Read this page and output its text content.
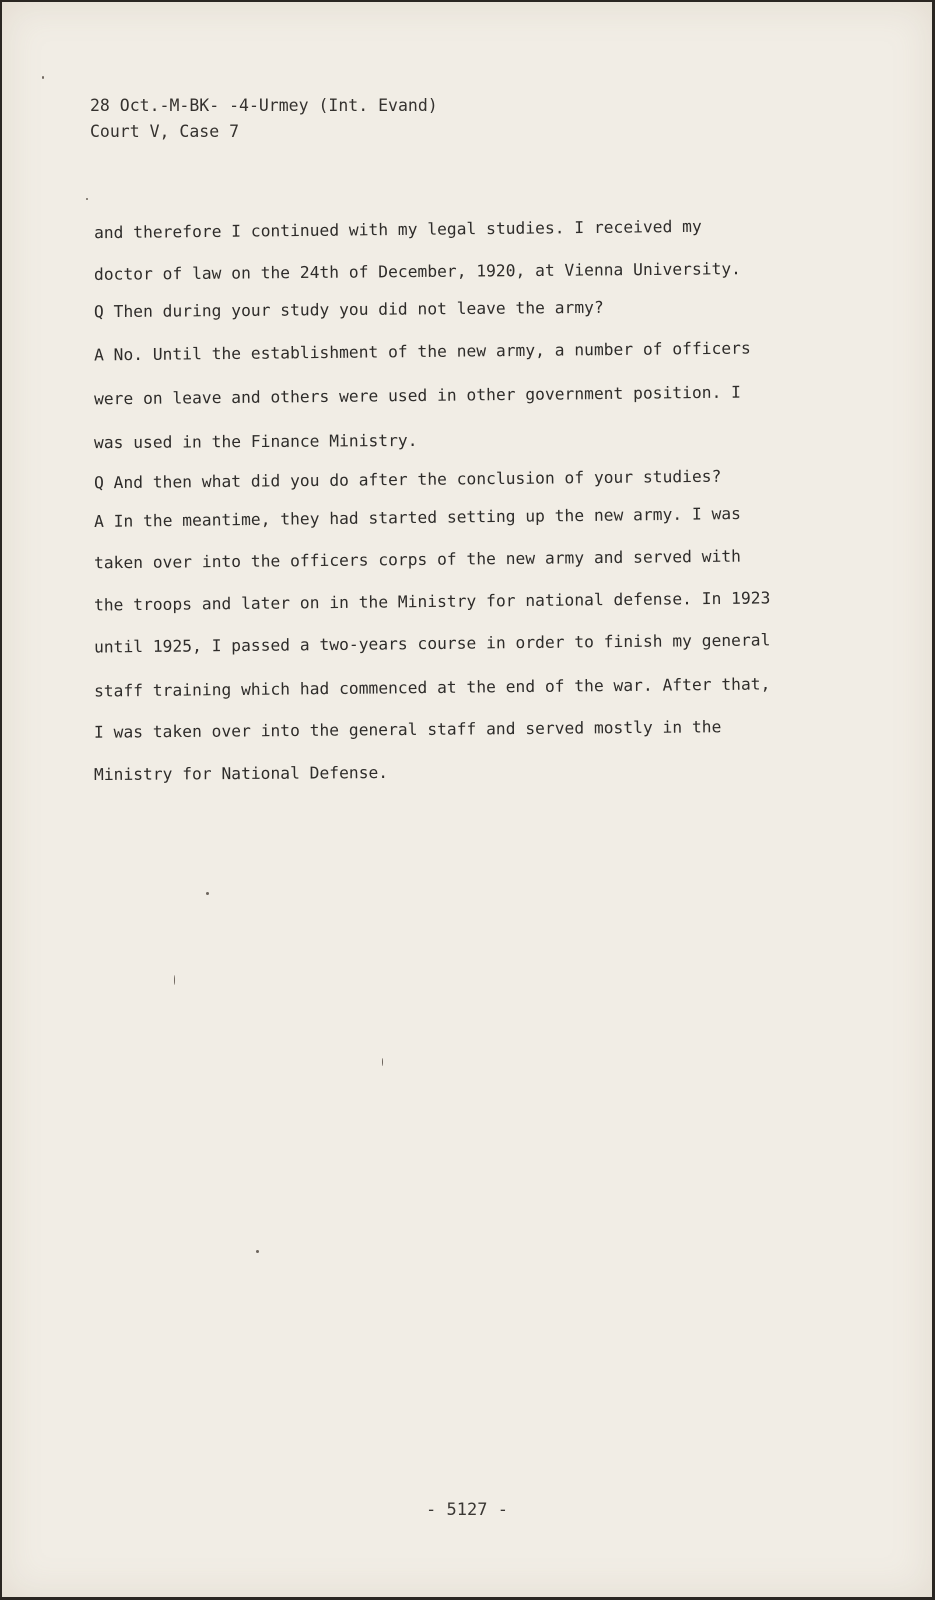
28 Oct.-M-BK- -4-Urmey (Int. Evand)
Court V, Case 7
and therefore I continued with my legal studies. I received my
doctor of law on the 24th of December, 1920, at Vienna University.
Q Then during your study you did not leave the army?
A No. Until the establishment of the new army, a number of officers
were on leave and others were used in other government position. I
was used in the Finance Ministry.
Q And then what did you do after the conclusion of your studies?
A In the meantime, they had started setting up the new army. I was
taken over into the officers corps of the new army and served with
the troops and later on in the Ministry for national defense. In 1923
until 1925, I passed a two-years course in order to finish my general
staff training which had commenced at the end of the war. After that,
I was taken over into the general staff and served mostly in the
Ministry for National Defense.
- 5127 -
